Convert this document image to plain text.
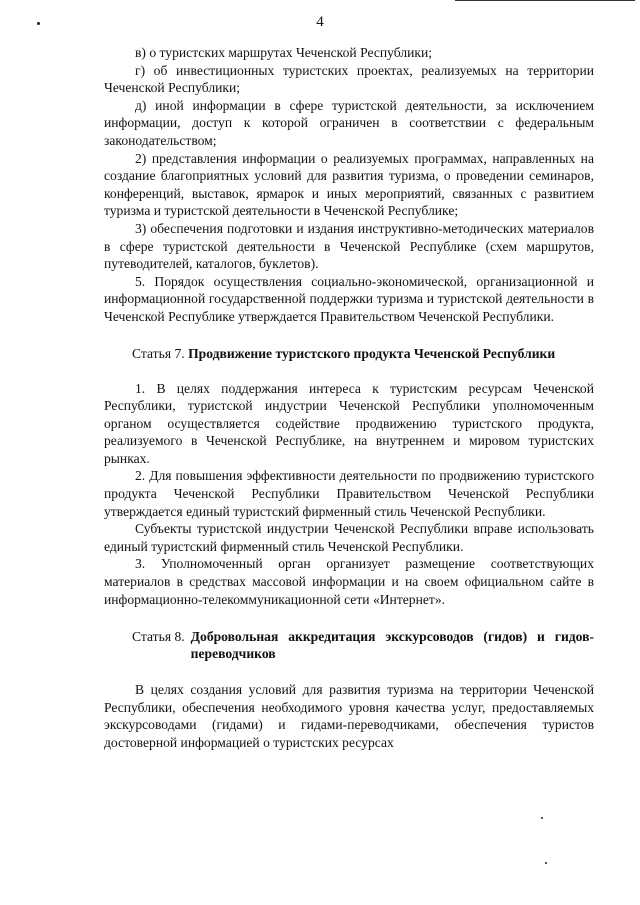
4

в) о туристских маршрутах Чеченской Республики;

г) об инвестиционных туристских проектах, реализуемых на территории Чеченской Республики;

д) иной информации в сфере туристской деятельности, за исключением информации, доступ к которой ограничен в соответствии с федеральным законодательством;

2) представления информации о реализуемых программах, направленных на создание благоприятных условий для развития туризма, о проведении семинаров, конференций, выставок, ярмарок и иных мероприятий, связанных с развитием туризма и туристской деятельности в Чеченской Республике;

3) обеспечения подготовки и издания инструктивно-методических материалов в сфере туристской деятельности в Чеченской Республике (схем маршрутов, путеводителей, каталогов, буклетов).

5. Порядок осуществления социально-экономической, организационной и информационной государственной поддержки туризма и туристской деятельности в Чеченской Республике утверждается Правительством Чеченской Республики.

Статья 7. Продвижение туристского продукта Чеченской Республики

1. В целях поддержания интереса к туристским ресурсам Чеченской Республики, туристской индустрии Чеченской Республики уполномоченным органом осуществляется содействие продвижению туристского продукта, реализуемого в Чеченской Республике, на внутреннем и мировом туристских рынках.

2. Для повышения эффективности деятельности по продвижению туристского продукта Чеченской Республики Правительством Чеченской Республики утверждается единый туристский фирменный стиль Чеченской Республики.

Субъекты туристской индустрии Чеченской Республики вправе использовать единый туристский фирменный стиль Чеченской Республики.

3. Уполномоченный орган организует размещение соответствующих материалов в средствах массовой информации и на своем официальном сайте в информационно-телекоммуникационной сети «Интернет».

Статья 8. Добровольная аккредитация экскурсоводов (гидов) и гидов-переводчиков

В целях создания условий для развития туризма на территории Чеченской Республики, обеспечения необходимого уровня качества услуг, предоставляемых экскурсоводами (гидами) и гидами-переводчиками, обеспечения туристов достоверной информацией о туристских ресурсах
